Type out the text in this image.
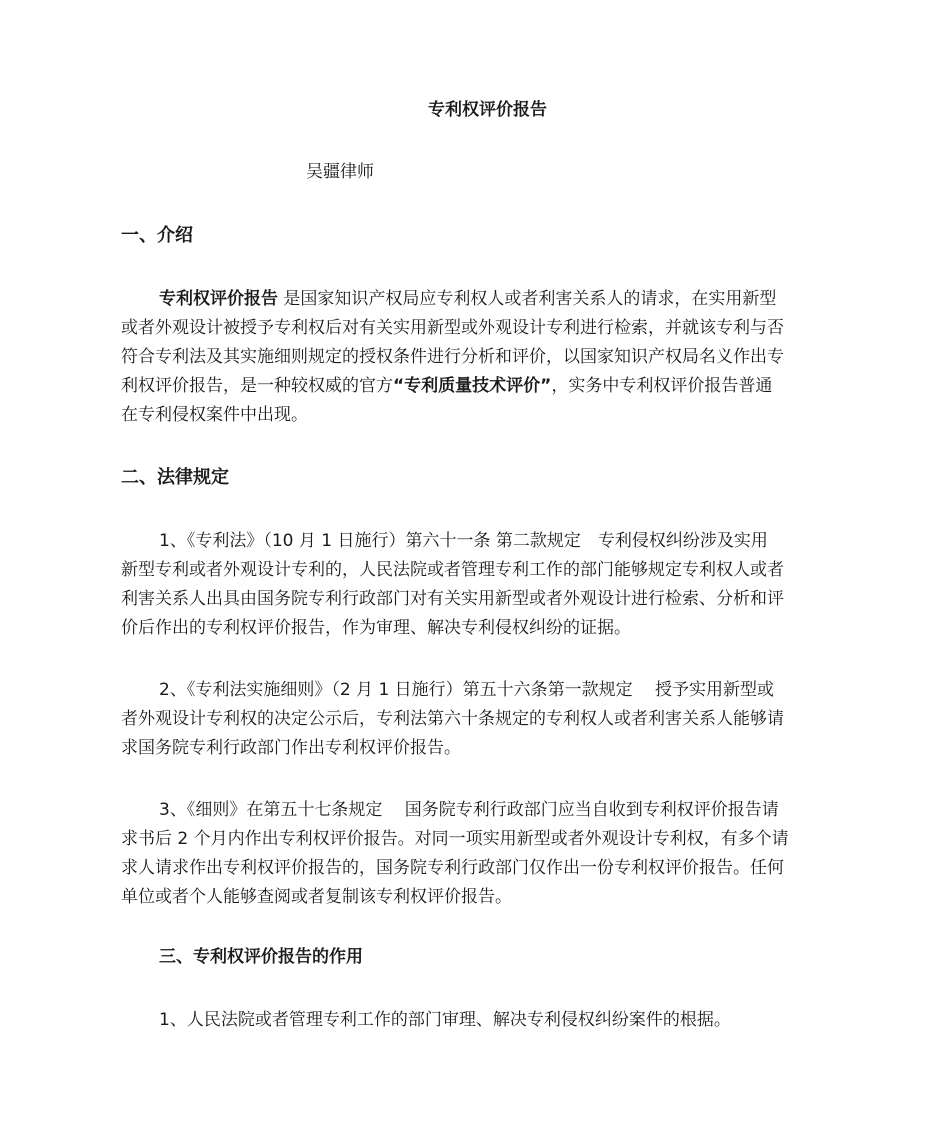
专利权评价报告
吴疆律师
一、介绍
专利权评价报告 是国家知识产权局应专利权人或者利害关系人的请求，在实用新型
或者外观设计被授予专利权后对有关实用新型或外观设计专利进行检索，并就该专利与否
符合专利法及其实施细则规定的授权条件进行分析和评价，以国家知识产权局名义作出专
利权评价报告，是一种较权威的官方“专利质量技术评价”，实务中专利权评价报告普通
在专利侵权案件中出现。
二、法律规定
1、《专利法》（10 月 1 日施行）第六十一条 第二款规定　专利侵权纠纷涉及实用
新型专利或者外观设计专利的，人民法院或者管理专利工作的部门能够规定专利权人或者
利害关系人出具由国务院专利行政部门对有关实用新型或者外观设计进行检索、分析和评
价后作出的专利权评价报告，作为审理、解决专利侵权纠纷的证据。
2、《专利法实施细则》（2 月 1 日施行）第五十六条第一款规定　 授予实用新型或
者外观设计专利权的决定公示后，专利法第六十条规定的专利权人或者利害关系人能够请
求国务院专利行政部门作出专利权评价报告。
3、《细则》在第五十七条规定　 国务院专利行政部门应当自收到专利权评价报告请
求书后 2 个月内作出专利权评价报告。对同一项实用新型或者外观设计专利权，有多个请
求人请求作出专利权评价报告的，国务院专利行政部门仅作出一份专利权评价报告。任何
单位或者个人能够查阅或者复制该专利权评价报告。
三、专利权评价报告的作用
1、人民法院或者管理专利工作的部门审理、解决专利侵权纠纷案件的根据。
